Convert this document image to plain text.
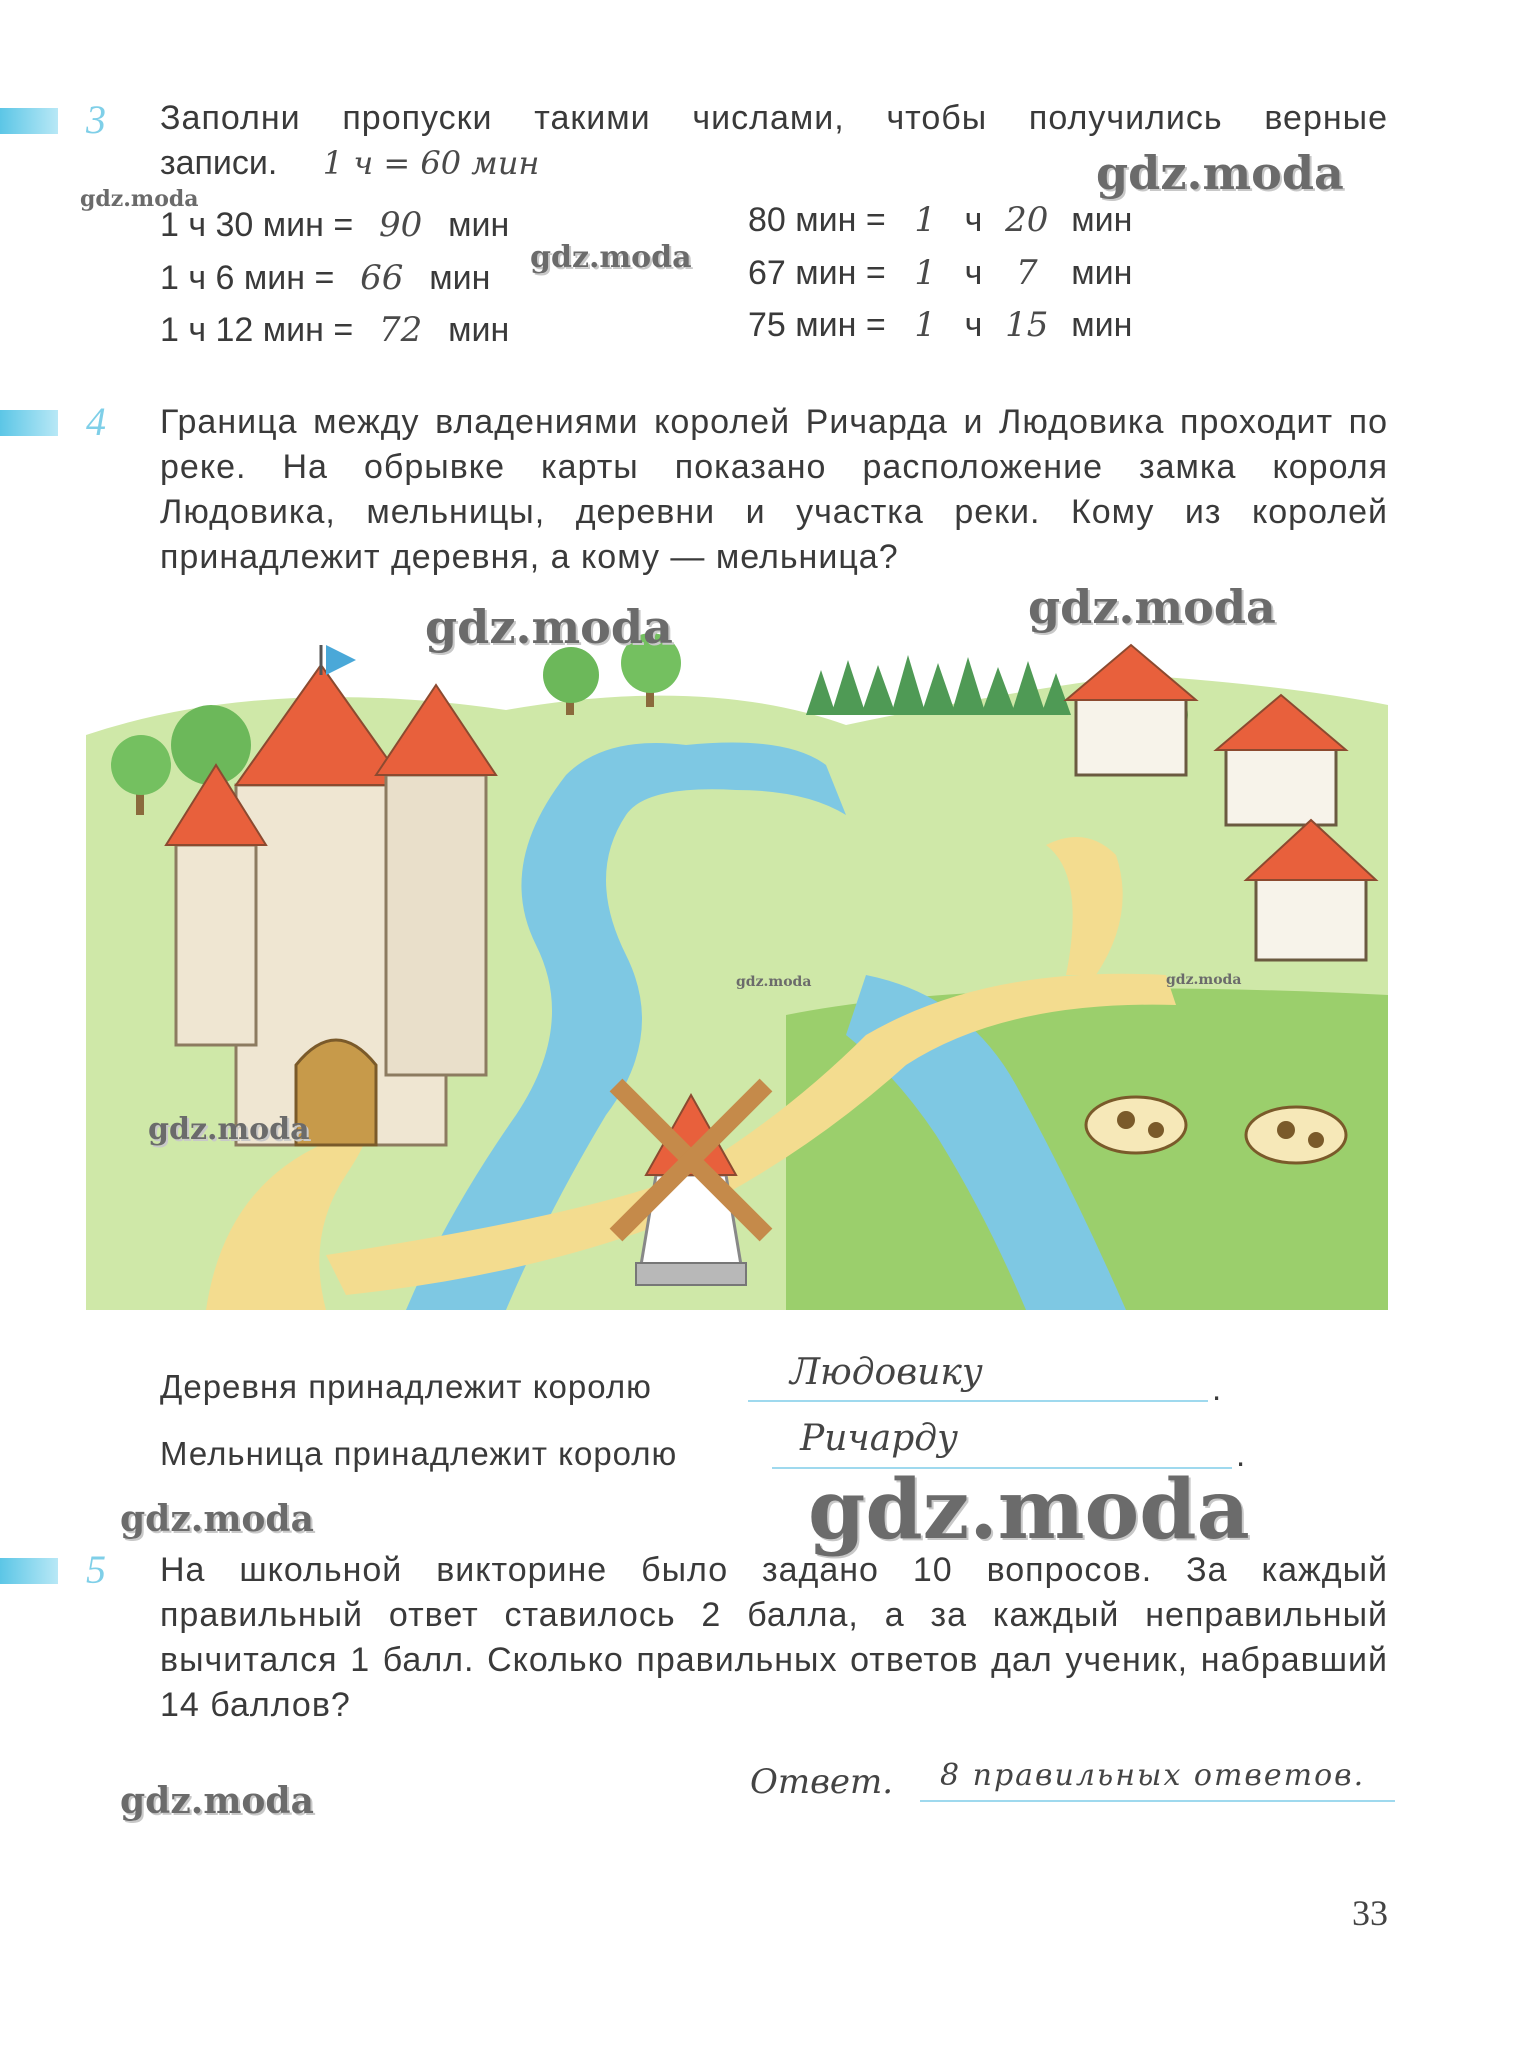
3 Заполни пропуски такими числами, чтобы получились верные
записи. 1 ч = 60 мин
1 ч 30 мин = 90 мин
1 ч 6 мин = 66 мин
1 ч 12 мин = 72 мин
80 мин = 1 ч 20 мин
67 мин = 1 ч 7 мин
75 мин = 1 ч 15 мин
4 Граница между владениями королей Ричарда и Людовика проходит по реке. На обрывке карты показано расположение замка короля Людовика, мельницы, деревни и участка реки. Кому из королей принадлежит деревня, а кому — мельница?
Деревня принадлежит королю	Людовику	.
Мельница принадлежит королю	Ричарду	.
5 На школьной викторине было задано 10 вопросов. За каждый правильный ответ ставилось 2 балла, а за каждый неправильный вычитался 1 балл. Сколько правильных ответов дал ученик, набравший 14 баллов?
Ответ. 8 правильных ответов.
gdz.moda
gdz.moda
gdz.moda
gdz.moda	gdz.moda
gdz.moda	gdz.moda
gdz.moda
gdz.moda	gdz.moda
gdz.moda
33
